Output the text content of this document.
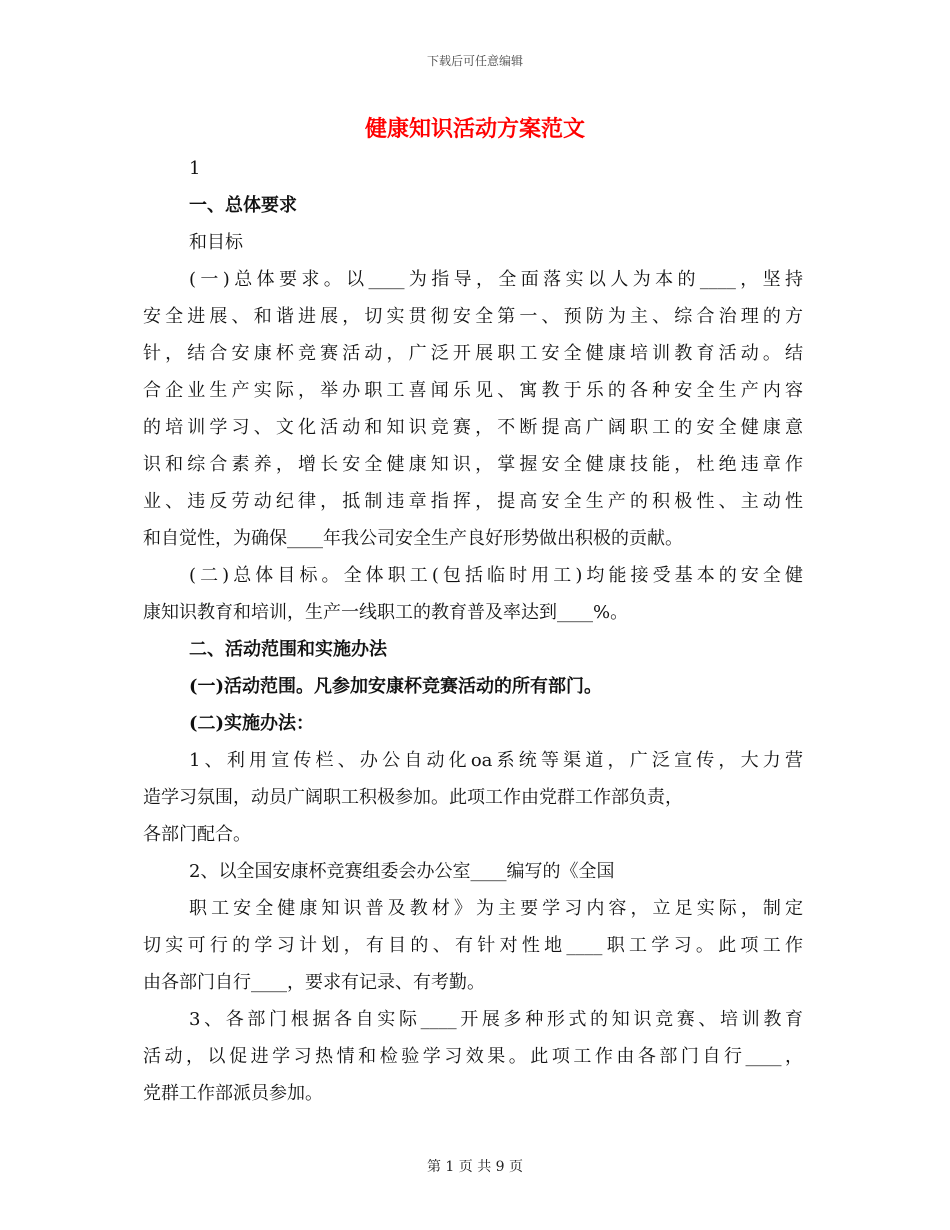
下载后可任意编辑
健康知识活动方案范文
1
一、总体要求
和目标
(一)总体要求。以____为指导，全面落实以人为本的____，坚持
安全进展、和谐进展，切实贯彻安全第一、预防为主、综合治理的方
针，结合安康杯竞赛活动，广泛开展职工安全健康培训教育活动。结
合企业生产实际，举办职工喜闻乐见、寓教于乐的各种安全生产内容
的培训学习、文化活动和知识竞赛，不断提高广阔职工的安全健康意
识和综合素养，增长安全健康知识，掌握安全健康技能，杜绝违章作
业、违反劳动纪律，抵制违章指挥，提高安全生产的积极性、主动性
和自觉性，为确保____年我公司安全生产良好形势做出积极的贡献。
(二)总体目标。全体职工(包括临时用工)均能接受基本的安全健
康知识教育和培训，生产一线职工的教育普及率达到____%。
二、活动范围和实施办法
(一)活动范围。凡参加安康杯竞赛活动的所有部门。
(二)实施办法：
1、利用宣传栏、办公自动化oa系统等渠道，广泛宣传，大力营
造学习氛围，动员广阔职工积极参加。此项工作由党群工作部负责，
各部门配合。
2、以全国安康杯竞赛组委会办公室____编写的《全国
职工安全健康知识普及教材》为主要学习内容，立足实际，制定
切实可行的学习计划，有目的、有针对性地____职工学习。此项工作
由各部门自行____，要求有记录、有考勤。
3、各部门根据各自实际____开展多种形式的知识竞赛、培训教育
活动，以促进学习热情和检验学习效果。此项工作由各部门自行____，
党群工作部派员参加。
第 1 页 共 9 页
